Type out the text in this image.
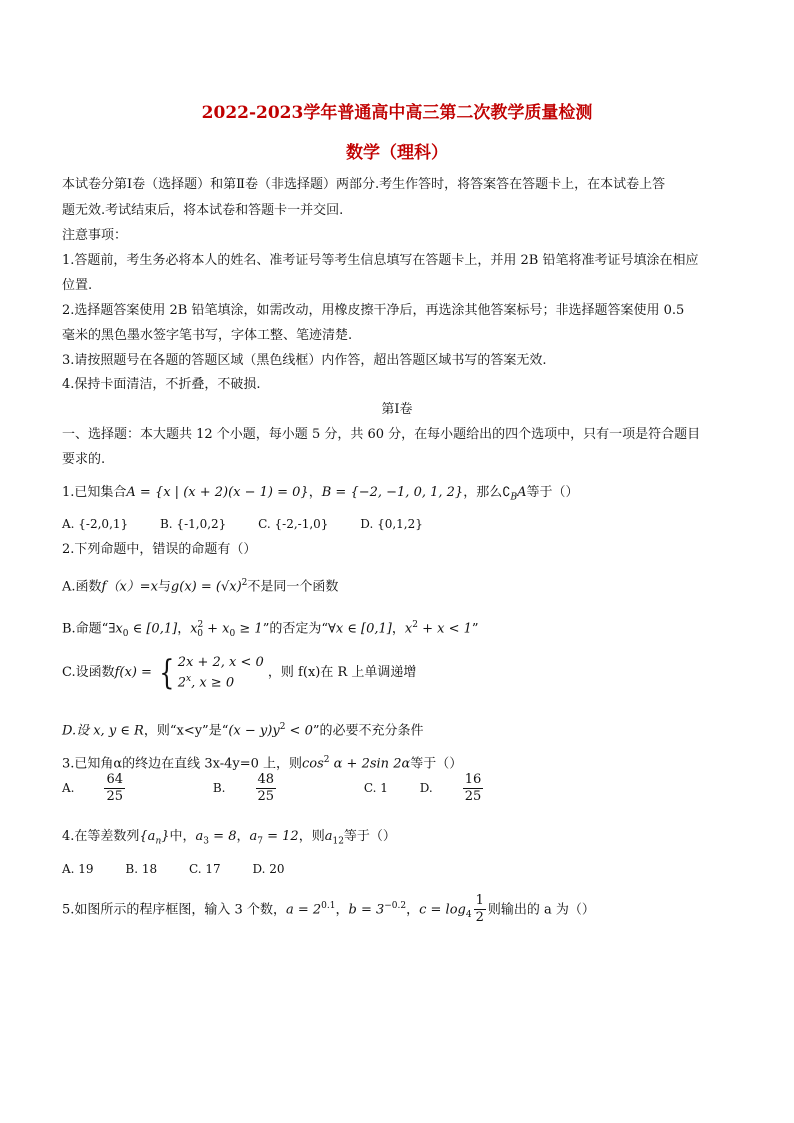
2022-2023学年普通高中高三第二次教学质量检测
数学（理科）
本试卷分第Ⅰ卷（选择题）和第Ⅱ卷（非选择题）两部分.考生作答时，将答案答在答题卡上，在本试卷上答
题无效.考试结束后，将本试卷和答题卡一并交回.
注意事项：
1.答题前，考生务必将本人的姓名、准考证号等考生信息填写在答题卡上，并用 2B 铅笔将准考证号填涂在相应
位置.
2.选择题答案使用 2B 铅笔填涂，如需改动，用橡皮擦干净后，再选涂其他答案标号；非选择题答案使用 0.5
毫米的黑色墨水签字笔书写，字体工整、笔迹清楚.
3.请按照题号在各题的答题区域（黑色线框）内作答，超出答题区域书写的答案无效.
4.保持卡面清洁，不折叠，不破损.
第Ⅰ卷
一、选择题：本大题共 12 个小题，每小题 5 分，共 60 分，在每小题给出的四个选项中，只有一项是符合题目
要求的.
1.已知集合A = {x | (x + 2)(x − 1) = 0}，B = {−2, −1, 0, 1, 2}，那么$∁_BA$等于（）
A. {-2,0,1}	B. {-1,0,2}	C. {-2,-1,0}	D. {0,1,2}
2.下列命题中，错误的命题有（）
A.函数f（x）=x与$g(x) = (√x)^2$不是同一个函数
B.命题“$\exists x_0$ ∈ [0,1]，$x^2_0 + x_0 \ge 1$”的否定为“∀x ∈ [0,1]，$x^2 + x < 1$”
C.设函数f(x) = { 2x + 2, x < 0
2$^x$, x ≥ 0
，则 f(x)在 R 上单调递增
D.设 x, y ∈ R，则“x<y”是“$(x - y)y^2 < 0$”的必要不充分条件
3.已知角α的终边在直线 3x-4y=0 上，则$\cos^2 \alpha + 2\sin$ 2α等于（）
A. $\frac{64}{25}$	B. $\frac{48}{25}$	C. 1	D. $\frac{16}{25}$
4.在等差数列$\{a_n\}$中，$a_3 = 8$，$a_7 = 12$，则$a_{12}$等于（）
A. 19	B. 18	C. 17	D. 20
5.如图所示的程序框图，输入 3 个数，$a = 2^{0.1}$，$b = 3^{-0.2}$，$c = \log_4 \frac{1}{2}$ 则输出的 a 为（）
